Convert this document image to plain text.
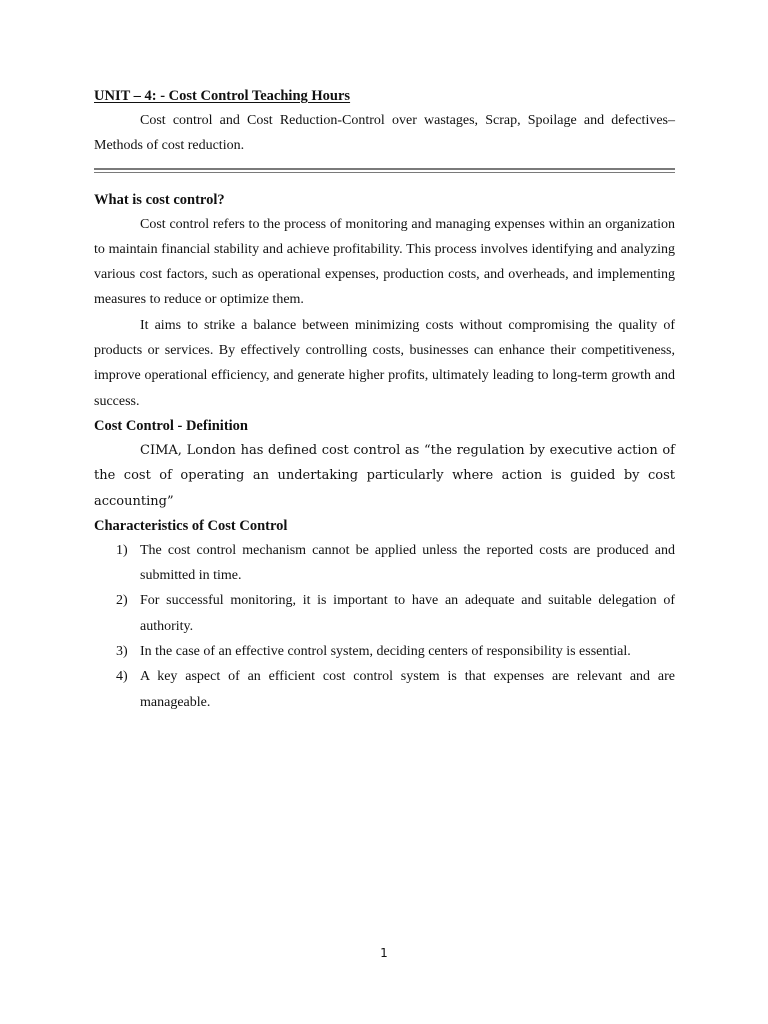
UNIT – 4: - Cost Control Teaching Hours

Cost control and Cost Reduction-Control over wastages, Scrap, Spoilage and defectives– Methods of cost reduction.

What is cost control?

Cost control refers to the process of monitoring and managing expenses within an organization to maintain financial stability and achieve profitability. This process involves identifying and analyzing various cost factors, such as operational expenses, production costs, and overheads, and implementing measures to reduce or optimize them.

It aims to strike a balance between minimizing costs without compromising the quality of products or services. By effectively controlling costs, businesses can enhance their competitiveness, improve operational efficiency, and generate higher profits, ultimately leading to long-term growth and success.

Cost Control - Definition

CIMA, London has defined cost control as “the regulation by executive action of the cost of operating an undertaking particularly where action is guided by cost accounting”

Characteristics of Cost Control
1) The cost control mechanism cannot be applied unless the reported costs are produced and submitted in time.
2) For successful monitoring, it is important to have an adequate and suitable delegation of authority.
3) In the case of an effective control system, deciding centers of responsibility is essential.
4) A key aspect of an efficient cost control system is that expenses are relevant and are manageable.
1
